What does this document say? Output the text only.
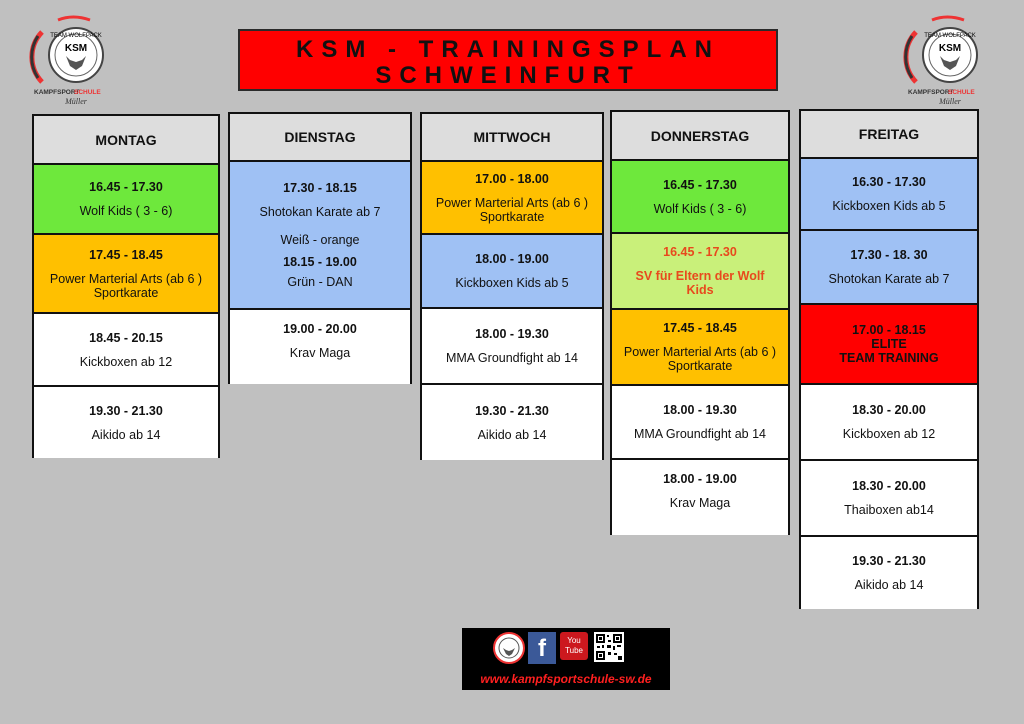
TEAM WOLFPACK
KSM
KAMPFSPORT
SCHULE
Müller
TEAM WOLFPACK
KSM
KAMPFSPORT
SCHULE
Müller
KSM - TRAININGSPLAN
SCHWEINFURT
MONTAG
16.45 - 17.30
Wolf Kids ( 3 - 6)
17.45 - 18.45
Power Marterial Arts (ab 6 ) Sportkarate
18.45 - 20.15
Kickboxen ab 12
19.30 - 21.30
Aikido ab 14
DIENSTAG
17.30 - 18.15
Shotokan Karate ab 7
Weiß - orange
18.15 - 19.00
Grün - DAN
19.00 - 20.00
Krav Maga
MITTWOCH
17.00 - 18.00
Power Marterial Arts (ab 6 ) Sportkarate
18.00 - 19.00
Kickboxen Kids ab 5
18.00 - 19.30
MMA Groundfight ab 14
19.30 - 21.30
Aikido ab 14
DONNERSTAG
16.45 - 17.30
Wolf Kids ( 3 - 6)
16.45 - 17.30
SV für Eltern der Wolf Kids
17.45 - 18.45
Power Marterial Arts (ab 6 ) Sportkarate
18.00 - 19.30
MMA Groundfight ab 14
18.00 - 19.00
Krav Maga
FREITAG
16.30 - 17.30
Kickboxen Kids ab 5
17.30 - 18. 30
Shotokan Karate ab 7
17.00 - 18.15
ELITE
TEAM TRAINING
18.30 - 20.00
Kickboxen ab 12
18.30 - 20.00
Thaiboxen ab14
19.30 - 21.30
Aikido ab 14
f	You
Tube
www.kampfsportschule-sw.de
